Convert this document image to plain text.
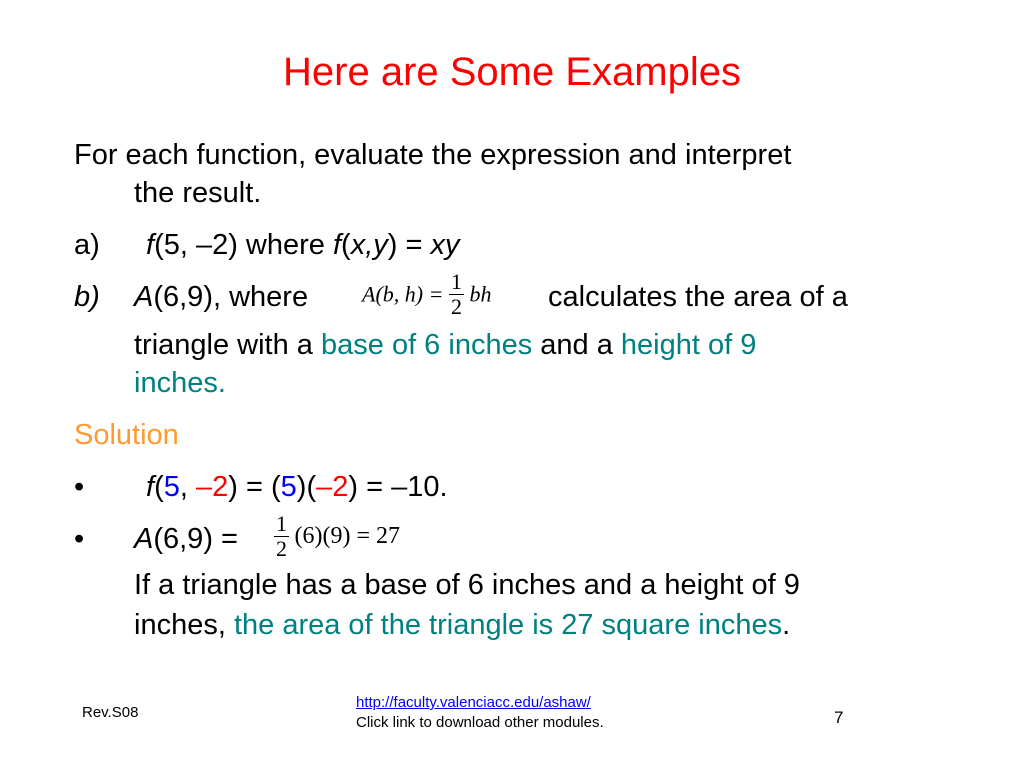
Here are Some Examples
For each function, evaluate the expression and interpret
the result.
a) f(5, –2) where f(x,y) = xy
b) A(6,9), where A(b, $h) = \frac{1}{2}$ bh calculates the area of a
triangle with a base of 6 inches and a height of 9
inches.
Solution
• f(5, –2) = (5)(–2) = –10.
• $A(6,9) = \frac{1}{2} (6)(9) = 27$
If a triangle has a base of 6 inches and a height of 9
inches, the area of the triangle is 27 square inches.
Rev.S08
http://faculty.valenciacc.edu/ashaw/
Click link to download other modules.	7
